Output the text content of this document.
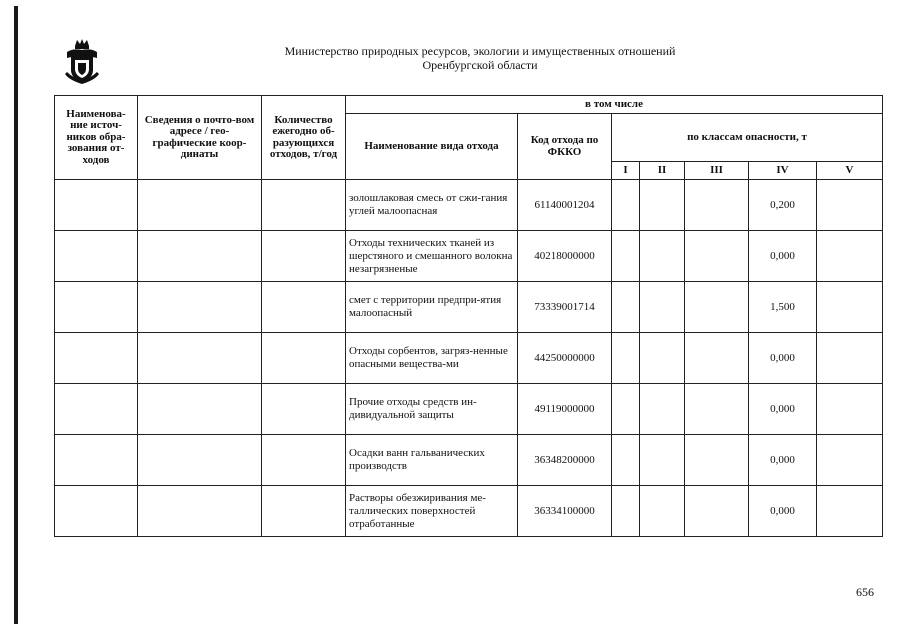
Министерство природных ресурсов, экологии и имущественных отношений
Оренбургской области
Наименова-ние источ-ников обра-зования от-ходов	Сведения о почто-вом адресе / гео-графические коор-динаты	Количество ежегодно об-разующихся отходов, т/год	в том числе						
			Наименование вида отхода	Код отхода по ФККО	по классам опасности, т				
					I	II	III	IV	V
			золошлаковая смесь от сжи-гания углей малоопасная	61140001204				0,200	
			Отходы технических тканей из шерстяного и смешанного волокна незагрязненые	40218000000				0,000	
			смет с территории предпри-ятия малоопасный	73339001714				1,500	
			Отходы сорбентов, загряз-ненные опасными вещества-ми	44250000000				0,000	
			Прочие отходы средств ин-дивидуальной защиты	49119000000				0,000	
			Осадки ванн гальванических производств	36348200000				0,000	
			Растворы обезжиривания ме-таллических поверхностей отработанные	36334100000				0,000	
656
